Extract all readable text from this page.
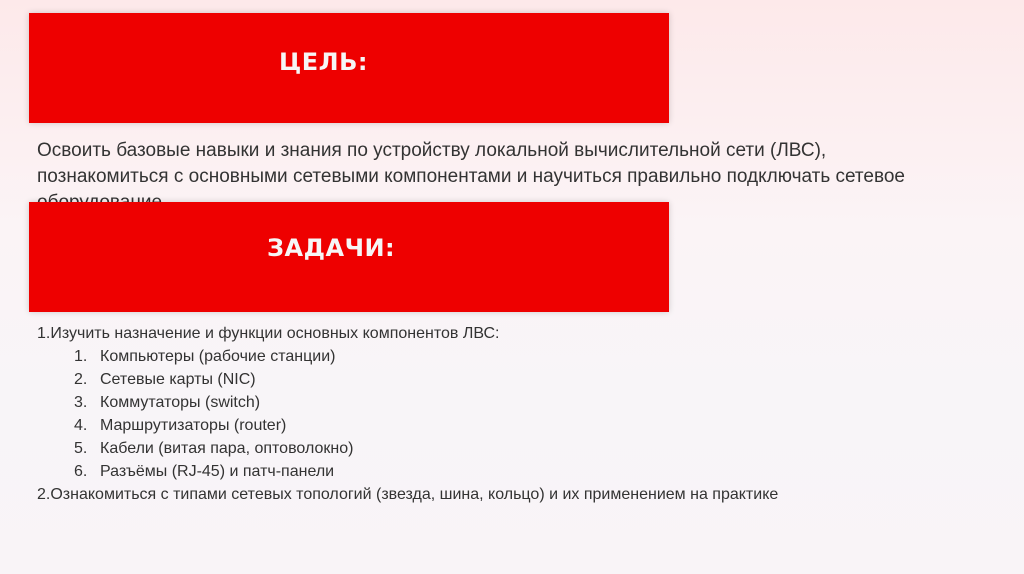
Освоить базовые навыки и знания по устройству локальной вычислительной сети (ЛВС), познакомиться с основными сетевыми компонентами и научиться правильно подключать сетевое

ЦЕЛЬ:
ЗАДАЧИ:
1.Изучить назначение и функции основных компонентов ЛВС:
1. Компьютеры (рабочие станции)
2. Сетевые карты (NIC)
3. Коммутаторы (switch)
4. Маршрутизаторы (router)
5. Кабели (витая пара, оптоволокно)
6. Разъёмы (RJ-45) и патч-панели
2.Ознакомиться с типами сетевых топологий (звезда, шина, кольцо) и их применением на практике
